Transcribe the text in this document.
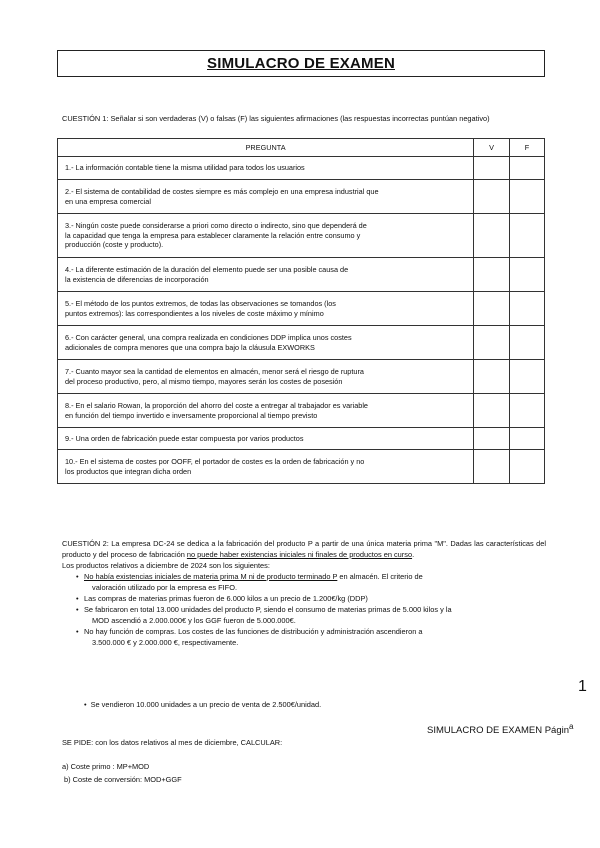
SIMULACRO DE EXAMEN
CUESTIÓN 1: Señalar si son verdaderas (V) o falsas (F) las siguientes afirmaciones (las respuestas incorrectas puntúan negativo)
PREGUNTA	V	F
1.- La información contable tiene la misma utilidad para todos los usuarios		
2.- El sistema de contabilidad de costes siempre es más complejo en una empresa industrial que
en una empresa comercial		
3.- Ningún coste puede considerarse a priori como directo o indirecto, sino que dependerá de
la capacidad que tenga la empresa para establecer claramente la relación entre consumo y
producción (coste y producto).		
4.- La diferente estimación de la duración del elemento puede ser una posible causa de
la existencia de diferencias de incorporación		
5.- El método de los puntos extremos, de todas las observaciones se tomandos (los
puntos extremos): las correspondientes a los niveles de coste máximo y mínimo		
6.- Con carácter general, una compra realizada en condiciones DDP implica unos costes
adicionales de compra menores que una compra bajo la cláusula EXWORKS		
7.- Cuanto mayor sea la cantidad de elementos en almacén, menor será el riesgo de ruptura
del proceso productivo, pero, al mismo tiempo, mayores serán los costes de posesión		
8.- En el salario Rowan, la proporción del ahorro del coste a entregar al trabajador es variable
en función del tiempo invertido e inversamente proporcional al tiempo previsto		
9.- Una orden de fabricación puede estar compuesta por varios productos		
10.- En el sistema de costes por OOFF, el portador de costes es la orden de fabricación y no
los productos que integran dicha orden		

CUESTIÓN 2: La empresa DC-24 se dedica a la fabricación del producto P a partir de una única materia prima "M". Dadas las características del producto y del proceso de fabricación no puede haber existencias iniciales ni finales de productos en curso.

Los productos relativos a diciembre de 2024 son los siguientes:

• No había existencias iniciales de materia prima M ni de producto terminado P en almacén. El criterio de
valoración utilizado por la empresa es FIFO.
• Las compras de materias primas fueron de 6.000 kilos a un precio de 1.200€/kg (DDP)
• Se fabricaron en total 13.000 unidades del producto P, siendo el consumo de materias primas de 5.000 kilos y la
MOD ascendió a 2.000.000€ y los GGF fueron de 5.000.000€.
• No hay función de compras. Los costes de las funciones de distribución y administración ascendieron a
3.500.000 € y 2.000.000 €, respectivamente.
1
• Se vendieron 10.000 unidades a un precio de venta de 2.500€/unidad.
SIMULACRO DE EXAMEN Págin$^a$
SE PIDE: con los datos relativos al mes de diciembre, CALCULAR:
a) Coste primo : MP+MOD
b) Coste de conversión: MOD+GGF
